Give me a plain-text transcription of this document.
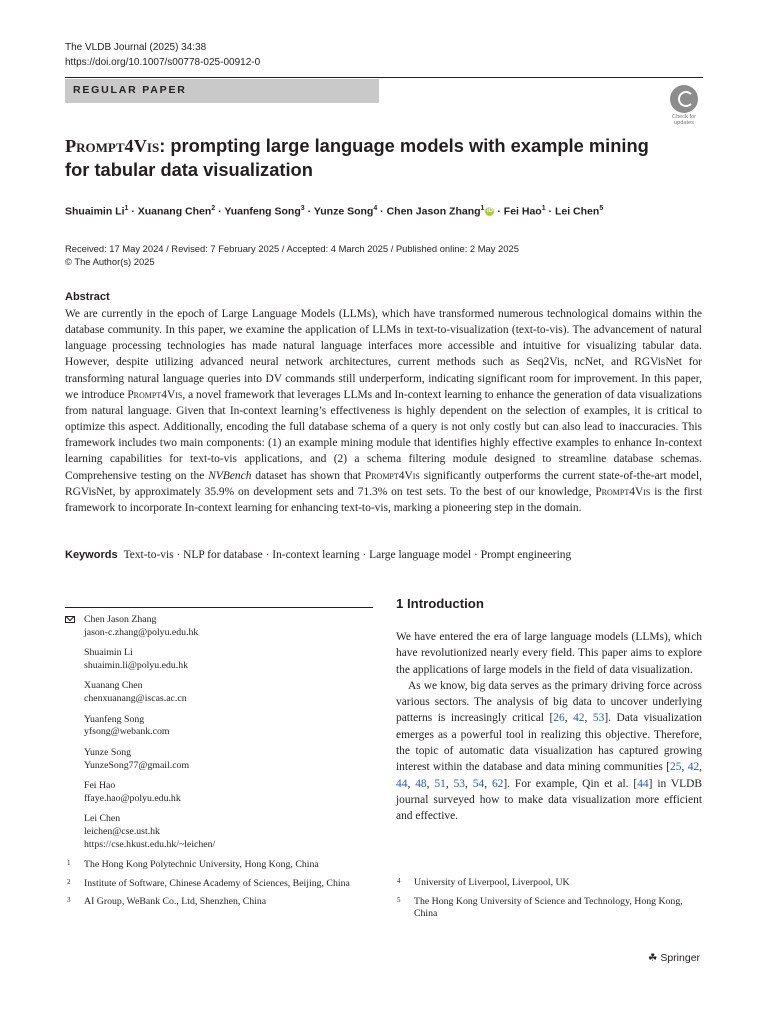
The VLDB Journal (2025) 34:38
https://doi.org/10.1007/s00778-025-00912-0
REGULAR PAPER
Check for
updates
Prompt4Vis: prompting large language models with example mining for tabular data visualization
Shuaimin $Li^1$ · Xuanang Chen$^2$ · Yuanfeng Song$^3$ · Yunze Song$^4$ · Chen Jason Zhang$^1$ iD · Fei Hao$^1$ · Lei Chen$^5$
Received: 17 May 2024 / Revised: 7 February 2025 / Accepted: 4 March 2025 / Published online: 2 May 2025
© The Author(s) 2025
Abstract
We are currently in the epoch of Large Language Models (LLMs), which have transformed numerous technological domains within the database community. In this paper, we examine the application of LLMs in text-to-visualization (text-to-vis). The advancement of natural language processing technologies has made natural language interfaces more accessible and intuitive for visualizing tabular data. However, despite utilizing advanced neural network architectures, current methods such as Seq2Vis, ncNet, and RGVisNet for transforming natural language queries into DV commands still underperform, indicating significant room for improvement. In this paper, we introduce Prompt4Vis, a novel framework that leverages LLMs and In-context learning to enhance the generation of data visualizations from natural language. Given that In-context learning’s effectiveness is highly dependent on the selection of examples, it is critical to optimize this aspect. Additionally, encoding the full database schema of a query is not only costly but can also lead to inaccuracies. This framework includes two main components: (1) an example mining module that identifies highly effective examples to enhance In-context learning capabilities for text-to-vis applications, and (2) a schema filtering module designed to streamline database schemas. Comprehensive testing on the NVBench dataset has shown that Prompt4Vis significantly outperforms the current state-of-the-art model, RGVisNet, by approximately 35.9% on development sets and 71.3% on test sets. To the best of our knowledge, Prompt4Vis is the first framework to incorporate In-context learning for enhancing text-to-vis, marking a pioneering step in the domain.
Keywords Text-to-vis · NLP for database · In-context learning · Large language model · Prompt engineering
Chen Jason Zhang
jason-c.zhang@polyu.edu.hk
Shuaimin Li
shuaimin.li@polyu.edu.hk
Xuanang Chen
chenxuanang@iscas.ac.cn
Yuanfeng Song
yfsong@webank.com
Yunze Song
YunzeSong77@gmail.com
Fei Hao
ffaye.hao@polyu.edu.hk
Lei Chen
leichen@cse.ust.hk
https://cse.hkust.edu.hk/~leichen/
1 The Hong Kong Polytechnic University, Hong Kong, China
2 Institute of Software, Chinese Academy of Sciences, Beijing, China
3 AI Group, WeBank Co., Ltd, Shenzhen, China
4 University of Liverpool, Liverpool, UK
5 The Hong Kong University of Science and Technology, Hong Kong, China
1 Introduction

We have entered the era of large language models (LLMs), which have revolutionized nearly every field. This paper aims to explore the applications of large models in the field of data visualization.

As we know, big data serves as the primary driving force across various sectors. The analysis of big data to uncover underlying patterns is increasingly critical [26, 42, 53]. Data visualization emerges as a powerful tool in realizing this objective. Therefore, the topic of automatic data visualization has captured growing interest within the database and data mining communities [25, 42, 44, 48, 51, 53, 54, 62]. For example, Qin et al. [44] in VLDB journal surveyed how to make data visualization more efficient and effective.

☘ Springer
